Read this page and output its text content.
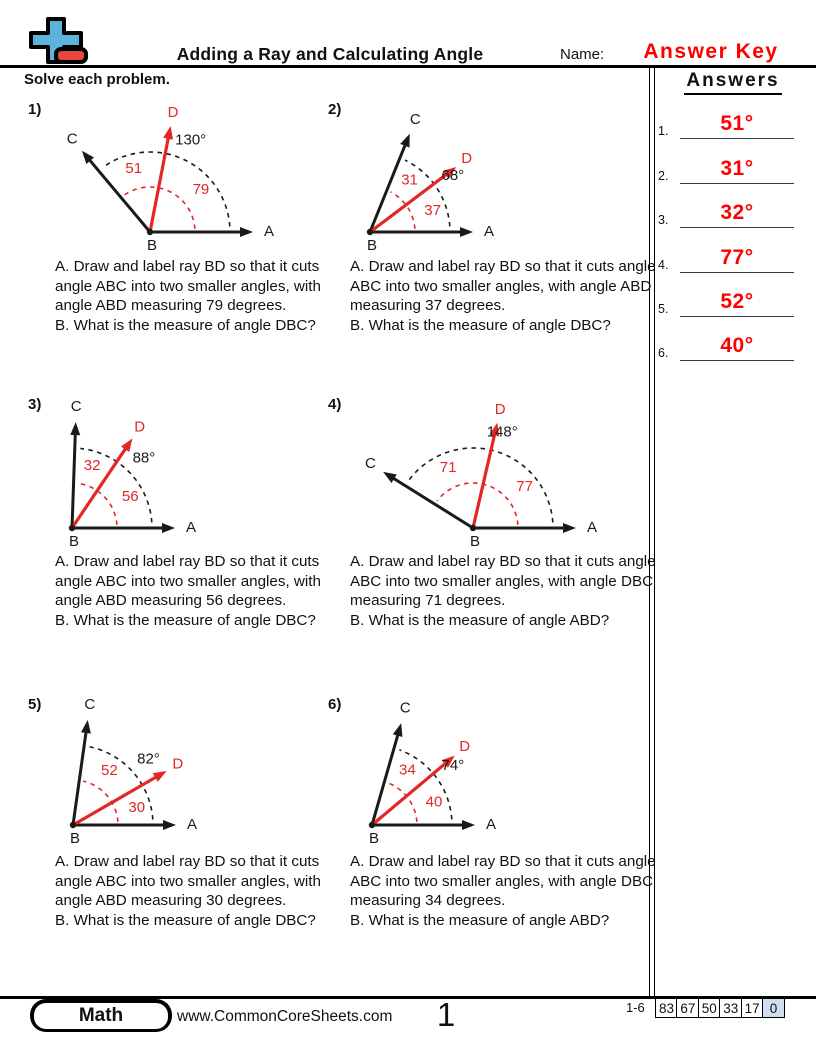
Adding a Ray and Calculating Angle	Name:	Answer Key
Solve each problem.	Answers
1.	51°
2.	31°
3.	32°
4.	77°
5.	52°
6.	40°
1)
A
C
D
B
130°
51
79
A. Draw and label ray BD so that it cuts angle ABC into two smaller angles, with angle ABD measuring 79 degrees.
B. What is the measure of angle DBC?
2)
A
C
D
B
68°
31
37
A. Draw and label ray BD so that it cuts angle ABC into two smaller angles, with angle ABD measuring 37 degrees.
B. What is the measure of angle DBC?
3)
A
C
D
B
88°
32
56
A. Draw and label ray BD so that it cuts angle ABC into two smaller angles, with angle ABD measuring 56 degrees.
B. What is the measure of angle DBC?
4)
A
C
D
B
148°
71
77
A. Draw and label ray BD so that it cuts angle ABC into two smaller angles, with angle DBC measuring 71 degrees.
B. What is the measure of angle ABD?
5)
A
C
D
B
82°
52
30
A. Draw and label ray BD so that it cuts angle ABC into two smaller angles, with angle ABD measuring 30 degrees.
B. What is the measure of angle DBC?
6)
A
C
D
B
74°
34
40
A. Draw and label ray BD so that it cuts angle ABC into two smaller angles, with angle DBC measuring 34 degrees.
B. What is the measure of angle ABD?
Math	www.CommonCoreSheets.com	1	1-6 83 67 50 33 17 0
